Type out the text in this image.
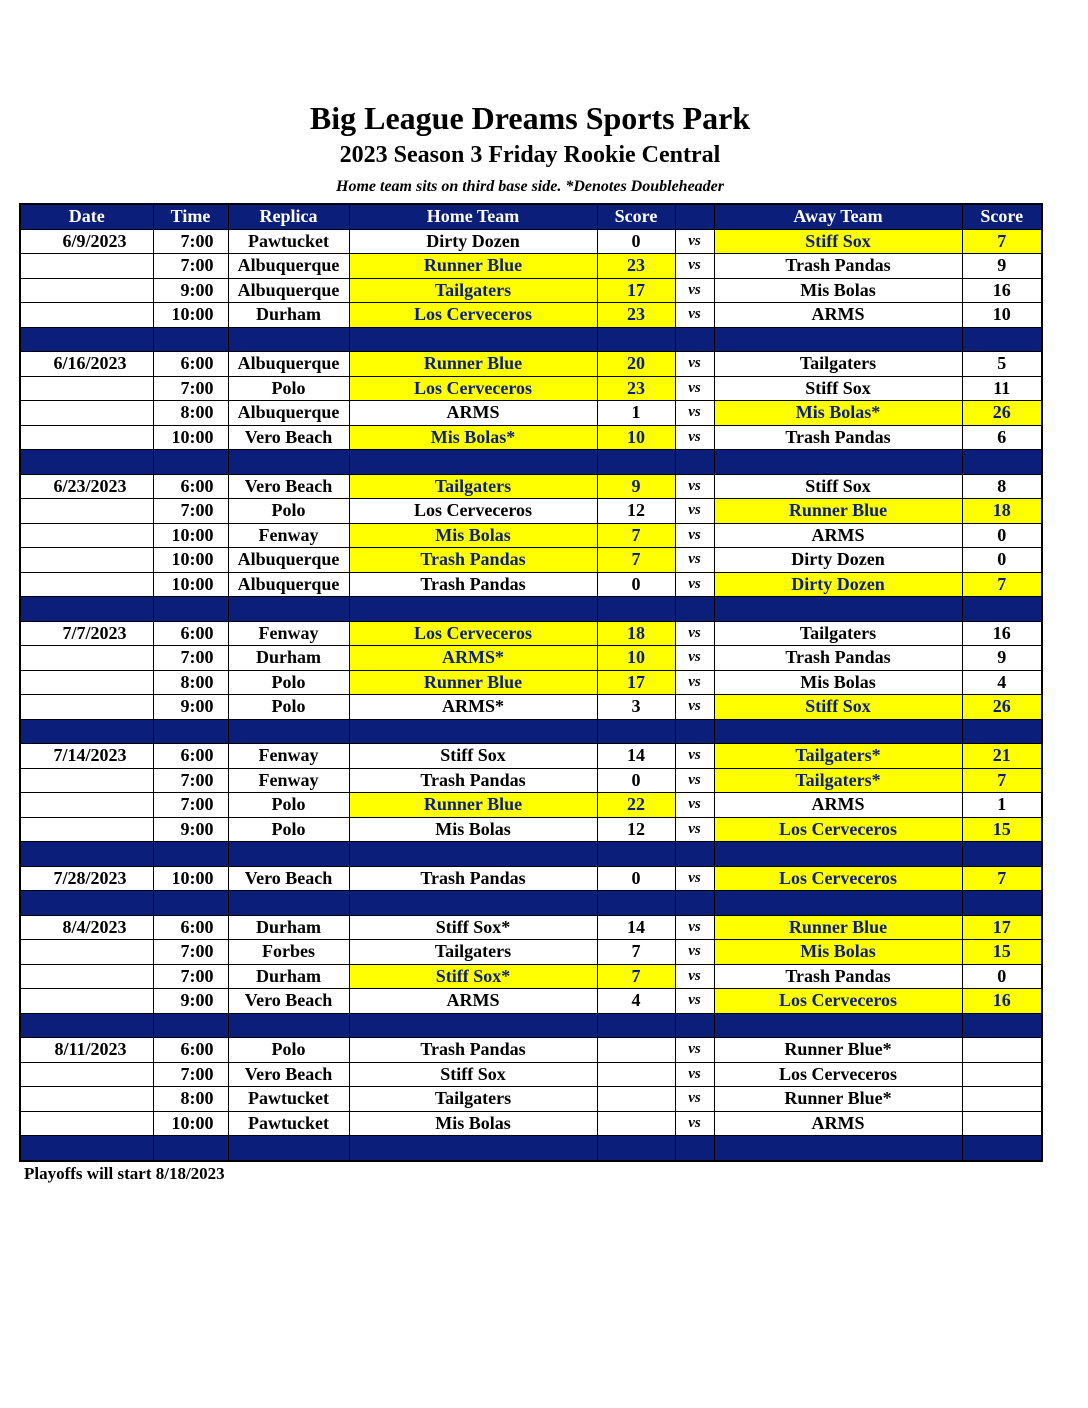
Big League Dreams Sports Park
2023 Season 3 Friday Rookie Central
Home team sits on third base side. *Denotes Doubleheader
Date	Time	Replica	Home Team	Score		Away Team	Score
6/9/2023	7:00	Pawtucket	Dirty Dozen	0	vs	Stiff Sox	7
	7:00	Albuquerque	Runner Blue	23	vs	Trash Pandas	9
	9:00	Albuquerque	Tailgaters	17	vs	Mis Bolas	16
	10:00	Durham	Los Cerveceros	23	vs	ARMS	10

6/16/2023	6:00	Albuquerque	Runner Blue	20	vs	Tailgaters	5
	7:00	Polo	Los Cerveceros	23	vs	Stiff Sox	11
	8:00	Albuquerque	ARMS	1	vs	Mis Bolas*	26
	10:00	Vero Beach	Mis Bolas*	10	vs	Trash Pandas	6

6/23/2023	6:00	Vero Beach	Tailgaters	9	vs	Stiff Sox	8
	7:00	Polo	Los Cerveceros	12	vs	Runner Blue	18
	10:00	Fenway	Mis Bolas	7	vs	ARMS	0
	10:00	Albuquerque	Trash Pandas	7	vs	Dirty Dozen	0
	10:00	Albuquerque	Trash Pandas	0	vs	Dirty Dozen	7

7/7/2023	6:00	Fenway	Los Cerveceros	18	vs	Tailgaters	16
	7:00	Durham	ARMS*	10	vs	Trash Pandas	9
	8:00	Polo	Runner Blue	17	vs	Mis Bolas	4
	9:00	Polo	ARMS*	3	vs	Stiff Sox	26

7/14/2023	6:00	Fenway	Stiff Sox	14	vs	Tailgaters*	21
	7:00	Fenway	Trash Pandas	0	vs	Tailgaters*	7
	7:00	Polo	Runner Blue	22	vs	ARMS	1
	9:00	Polo	Mis Bolas	12	vs	Los Cerveceros	15

7/28/2023	10:00	Vero Beach	Trash Pandas	0	vs	Los Cerveceros	7

8/4/2023	6:00	Durham	Stiff Sox*	14	vs	Runner Blue	17
	7:00	Forbes	Tailgaters	7	vs	Mis Bolas	15
	7:00	Durham	Stiff Sox*	7	vs	Trash Pandas	0
	9:00	Vero Beach	ARMS	4	vs	Los Cerveceros	16

8/11/2023	6:00	Polo	Trash Pandas		vs	Runner Blue*	
	7:00	Vero Beach	Stiff Sox		vs	Los Cerveceros	
	8:00	Pawtucket	Tailgaters		vs	Runner Blue*	
	10:00	Pawtucket	Mis Bolas		vs	ARMS	

Playoffs will start 8/18/2023
